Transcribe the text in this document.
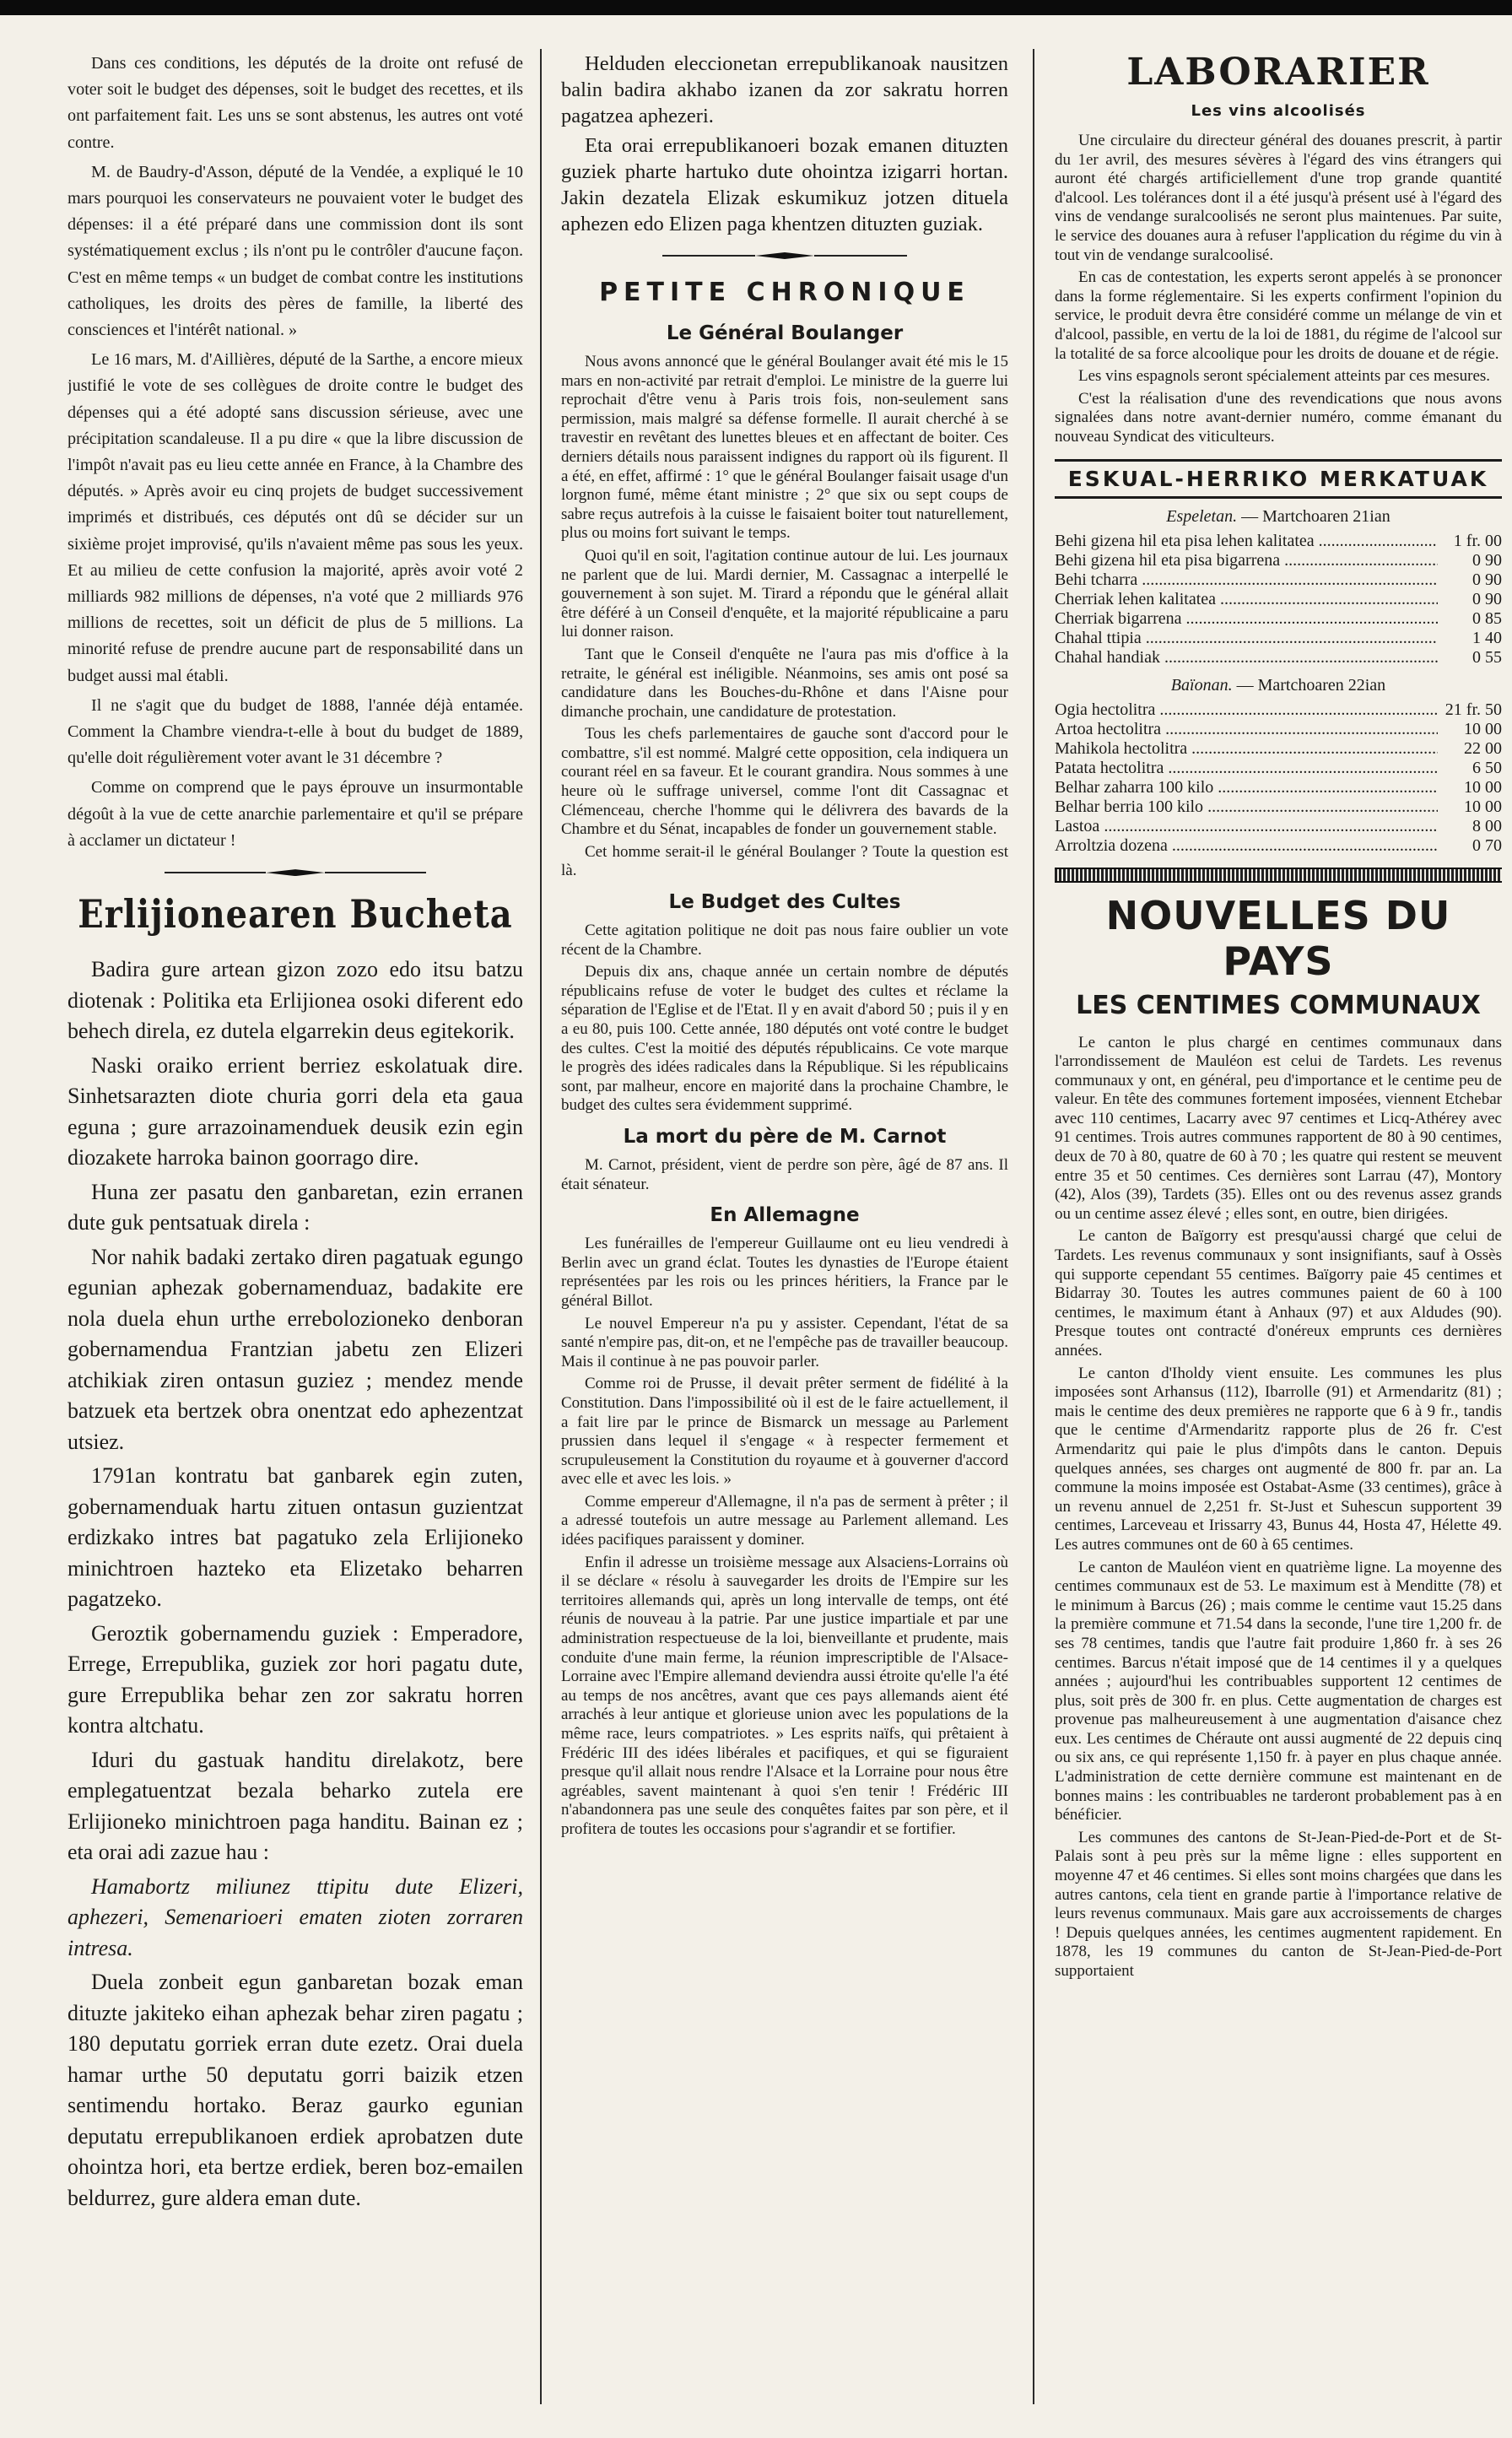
Dans ces conditions, les députés de la droite ont refusé de voter soit le budget des dépenses, soit le budget des recettes, et ils ont parfaitement fait. Les uns se sont abstenus, les autres ont voté contre.

M. de Baudry-d'Asson, député de la Vendée, a expliqué le 10 mars pourquoi les conservateurs ne pouvaient voter le budget des dépenses: il a été préparé dans une commission dont ils sont systématiquement exclus ; ils n'ont pu le contrôler d'aucune façon. C'est en même temps « un budget de combat contre les institutions catholiques, les droits des pères de famille, la liberté des consciences et l'intérêt national. »

Le 16 mars, M. d'Aillières, député de la Sarthe, a encore mieux justifié le vote de ses collègues de droite contre le budget des dépenses qui a été adopté sans discussion sérieuse, avec une précipitation scandaleuse. Il a pu dire « que la libre discussion de l'impôt n'avait pas eu lieu cette année en France, à la Chambre des députés. » Après avoir eu cinq projets de budget successivement imprimés et distribués, ces députés ont dû se décider sur un sixième projet improvisé, qu'ils n'avaient même pas sous les yeux. Et au milieu de cette confusion la majorité, après avoir voté 2 milliards 982 millions de dépenses, n'a voté que 2 milliards 976 millions de recettes, soit un déficit de plus de 5 millions. La minorité refuse de prendre aucune part de responsabilité dans un budget aussi mal établi.

Il ne s'agit que du budget de 1888, l'année déjà entamée. Comment la Chambre viendra-t-elle à bout du budget de 1889, qu'elle doit régulièrement voter avant le 31 décembre ?

Comme on comprend que le pays éprouve un insurmontable dégoût à la vue de cette anarchie parlementaire et qu'il se prépare à acclamer un dictateur !

Erlijionearen Bucheta

Badira gure artean gizon zozo edo itsu batzu diotenak : Politika eta Erlijionea osoki diferent edo behech direla, ez dutela elgarrekin deus egitekorik.

Naski oraiko errient berriez eskolatuak dire. Sinhetsarazten diote churia gorri dela eta gaua eguna ; gure arrazoinamenduek deusik ezin egin diozakete harroka bainon goorrago dire.

Huna zer pasatu den ganbaretan, ezin erranen dute guk pentsatuak direla :

Nor nahik badaki zertako diren pagatuak egungo egunian aphezak gobernamenduaz, badakite ere nola duela ehun urthe errebolozioneko denboran gobernamendua Frantzian jabetu zen Elizeri atchikiak ziren ontasun guziez ; mendez mende batzuek eta bertzek obra onentzat edo aphezentzat utsiez.

1791an kontratu bat ganbarek egin zuten, gobernamenduak hartu zituen ontasun guzientzat erdizkako intres bat pagatuko zela Erlijioneko minichtroen hazteko eta Elizetako beharren pagatzeko.

Geroztik gobernamendu guziek : Emperadore, Errege, Errepublika, guziek zor hori pagatu dute, gure Errepublika behar zen zor sakratu horren kontra altchatu.

Iduri du gastuak handitu direlakotz, bere emplegatuentzat bezala beharko zutela ere Erlijioneko minichtroen paga handitu. Bainan ez ; eta orai adi zazue hau :

Hamabortz miliunez ttipitu dute Elizeri, aphezeri, Semenarioeri ematen zioten zorraren intresa.

Duela zonbeit egun ganbaretan bozak eman dituzte jakiteko eihan aphezak behar ziren pagatu ; 180 deputatu gorriek erran dute ezetz. Orai duela hamar urthe 50 deputatu gorri baizik etzen sentimendu hortako. Beraz gaurko egunian deputatu errepublikanoen erdiek aprobatzen dute ohointza hori, eta bertze erdiek, beren boz-emailen beldurrez, gure aldera eman dute.

Helduden eleccionetan errepublikanoak nausitzen balin badira akhabo izanen da zor sakratu horren pagatzea aphezeri.

Eta orai errepublikanoeri bozak emanen dituzten guziek pharte hartuko dute ohointza izigarri hortan. Jakin dezatela Elizak eskumikuz jotzen dituela aphezen edo Elizen paga khentzen dituzten guziak.

PETITE CHRONIQUE
Le Général Boulanger

Nous avons annoncé que le général Boulanger avait été mis le 15 mars en non-activité par retrait d'emploi. Le ministre de la guerre lui reprochait d'être venu à Paris trois fois, non-seulement sans permission, mais malgré sa défense formelle. Il aurait cherché à se travestir en revêtant des lunettes bleues et en affectant de boiter. Ces derniers détails nous paraissent indignes du rapport où ils figurent. Il a été, en effet, affirmé : 1° que le général Boulanger faisait usage d'un lorgnon fumé, même étant ministre ; 2° que six ou sept coups de sabre reçus autrefois à la cuisse le faisaient boiter tout naturellement, plus ou moins fort suivant le temps.

Quoi qu'il en soit, l'agitation continue autour de lui. Les journaux ne parlent que de lui. Mardi dernier, M. Cassagnac a interpellé le gouvernement à son sujet. M. Tirard a répondu que le général allait être déféré à un Conseil d'enquête, et la majorité républicaine a paru lui donner raison.

Tant que le Conseil d'enquête ne l'aura pas mis d'office à la retraite, le général est inéligible. Néanmoins, ses amis ont posé sa candidature dans les Bouches-du-Rhône et dans l'Aisne pour dimanche prochain, une candidature de protestation.

Tous les chefs parlementaires de gauche sont d'accord pour le combattre, s'il est nommé. Malgré cette opposition, cela indiquera un courant réel en sa faveur. Et le courant grandira. Nous sommes à une heure où le suffrage universel, comme l'ont dit Cassagnac et Clémenceau, cherche l'homme qui le délivrera des bavards de la Chambre et du Sénat, incapables de fonder un gouvernement stable.

Cet homme serait-il le général Boulanger ? Toute la question est là.

Le Budget des Cultes

Cette agitation politique ne doit pas nous faire oublier un vote récent de la Chambre.

Depuis dix ans, chaque année un certain nombre de députés républicains refuse de voter le budget des cultes et réclame la séparation de l'Eglise et de l'Etat. Il y en avait d'abord 50 ; puis il y en a eu 80, puis 100. Cette année, 180 députés ont voté contre le budget des cultes. C'est la moitié des députés républicains. Ce vote marque le progrès des idées radicales dans la République. Si les républicains sont, par malheur, encore en majorité dans la prochaine Chambre, le budget des cultes sera évidemment supprimé.

La mort du père de M. Carnot

M. Carnot, président, vient de perdre son père, âgé de 87 ans. Il était sénateur.

En Allemagne

Les funérailles de l'empereur Guillaume ont eu lieu vendredi à Berlin avec un grand éclat. Toutes les dynasties de l'Europe étaient représentées par les rois ou les princes héritiers, la France par le général Billot.

Le nouvel Empereur n'a pu y assister. Cependant, l'état de sa santé n'empire pas, dit-on, et ne l'empêche pas de travailler beaucoup. Mais il continue à ne pas pouvoir parler.

Comme roi de Prusse, il devait prêter serment de fidélité à la Constitution. Dans l'impossibilité où il est de le faire actuellement, il a fait lire par le prince de Bismarck un message au Parlement prussien dans lequel il s'engage « à respecter fermement et scrupuleusement la Constitution du royaume et à gouverner d'accord avec elle et avec les lois. »

Comme empereur d'Allemagne, il n'a pas de serment à prêter ; il a adressé toutefois un autre message au Parlement allemand. Les idées pacifiques paraissent y dominer.

Enfin il adresse un troisième message aux Alsaciens-Lorrains où il se déclare « résolu à sauvegarder les droits de l'Empire sur les territoires allemands qui, après un long intervalle de temps, ont été réunis de nouveau à la patrie. Par une justice impartiale et par une administration respectueuse de la loi, bienveillante et prudente, mais conduite d'une main ferme, la réunion imprescriptible de l'Alsace-Lorraine avec l'Empire allemand deviendra aussi étroite qu'elle l'a été au temps de nos ancêtres, avant que ces pays allemands aient été arrachés à leur antique et glorieuse union avec les populations de la même race, leurs compatriotes. » Les esprits naïfs, qui prêtaient à Frédéric III des idées libérales et pacifiques, et qui se figuraient presque qu'il allait nous rendre l'Alsace et la Lorraine pour nous être agréables, savent maintenant à quoi s'en tenir ! Frédéric III n'abandonnera pas une seule des conquêtes faites par son père, et il profitera de toutes les occasions pour s'agrandir et se fortifier.

LABORARIER
Les vins alcoolisés

Une circulaire du directeur général des douanes prescrit, à partir du 1er avril, des mesures sévères à l'égard des vins étrangers qui auront été chargés artificiellement d'une trop grande quantité d'alcool. Les tolérances dont il a été jusqu'à présent usé à l'égard des vins de vendange suralcoolisés ne seront plus maintenues. Par suite, le service des douanes aura à refuser l'application du régime du vin à tout vin de vendange suralcoolisé.

En cas de contestation, les experts seront appelés à se prononcer dans la forme réglementaire. Si les experts confirment l'opinion du service, le produit devra être considéré comme un mélange de vin et d'alcool, passible, en vertu de la loi de 1881, du régime de l'alcool sur la totalité de sa force alcoolique pour les droits de douane et de régie.

Les vins espagnols seront spécialement atteints par ces mesures.

C'est la réalisation d'une des revendications que nous avons signalées dans notre avant-dernier numéro, comme émanant du nouveau Syndicat des viticulteurs.

ESKUAL-HERRIKO MERKATUAK
Espeletan. — Martchoaren 21ian
Behi gizena hil eta pisa lehen kalitatea .....	1 fr. 00
Behi gizena hil eta pisa bigarrena .....	0 90
Behi tcharra .....	0 90
Cherriak lehen kalitatea .....	0 90
Cherriak bigarrena .....	0 85
Chahal ttipia .....	1 40
Chahal handiak .....	0 55
Baïonan. — Martchoaren 22ian
Ogia hectolitra .....	21 fr. 50
Artoa hectolitra .....	10 00
Mahikola hectolitra .....	22 00
Patata hectolitra .....	6 50
Belhar zaharra 100 kilo .....	10 00
Belhar berria 100 kilo .....	10 00
Lastoa .....	8 00
Arroltzia dozena .....	0 70
NOUVELLES DU PAYS
LES CENTIMES COMMUNAUX

Le canton le plus chargé en centimes communaux dans l'arrondissement de Mauléon est celui de Tardets. Les revenus communaux y ont, en général, peu d'importance et le centime peu de valeur. En tête des communes fortement imposées, viennent Etchebar avec 110 centimes, Lacarry avec 97 centimes et Licq-Athérey avec 91 centimes. Trois autres communes rapportent de 80 à 90 centimes, deux de 70 à 80, quatre de 60 à 70 ; les quatre qui restent se meuvent entre 35 et 50 centimes. Ces dernières sont Larrau (47), Montory (42), Alos (39), Tardets (35). Elles ont ou des revenus assez grands ou un centime assez élevé ; elles sont, en outre, bien dirigées.

Le canton de Baïgorry est presqu'aussi chargé que celui de Tardets. Les revenus communaux y sont insignifiants, sauf à Ossès qui supporte cependant 55 centimes. Baïgorry paie 45 centimes et Bidarray 30. Toutes les autres communes paient de 60 à 100 centimes, le maximum étant à Anhaux (97) et aux Aldudes (90). Presque toutes ont contracté d'onéreux emprunts ces dernières années.

Le canton d'Iholdy vient ensuite. Les communes les plus imposées sont Arhansus (112), Ibarrolle (91) et Armendaritz (81) ; mais le centime des deux premières ne rapporte que 6 à 9 fr., tandis que le centime d'Armendaritz rapporte plus de 26 fr. C'est Armendaritz qui paie le plus d'impôts dans le canton. Depuis quelques années, ses charges ont augmenté de 800 fr. par an. La commune la moins imposée est Ostabat-Asme (33 centimes), grâce à un revenu annuel de 2,251 fr. St-Just et Suhescun supportent 39 centimes, Larceveau et Irissarry 43, Bunus 44, Hosta 47, Hélette 49. Les autres communes ont de 60 à 65 centimes.

Le canton de Mauléon vient en quatrième ligne. La moyenne des centimes communaux est de 53. Le maximum est à Menditte (78) et le minimum à Barcus (26) ; mais comme le centime vaut 15.25 dans la première commune et 71.54 dans la seconde, l'une tire 1,200 fr. de ses 78 centimes, tandis que l'autre fait produire 1,860 fr. à ses 26 centimes. Barcus n'était imposé que de 14 centimes il y a quelques années ; aujourd'hui les contribuables supportent 12 centimes de plus, soit près de 300 fr. en plus. Cette augmentation de charges est provenue pas malheureusement à une augmentation d'aisance chez eux. Les centimes de Chéraute ont aussi augmenté de 22 depuis cinq ou six ans, ce qui représente 1,150 fr. à payer en plus chaque année. L'administration de cette dernière commune est maintenant en de bonnes mains : les contribuables ne tarderont probablement pas à en bénéficier.

Les communes des cantons de St-Jean-Pied-de-Port et de St-Palais sont à peu près sur la même ligne : elles supportent en moyenne 47 et 46 centimes. Si elles sont moins chargées que dans les autres cantons, cela tient en grande partie à l'importance relative de leurs revenus communaux. Mais gare aux accroissements de charges ! Depuis quelques années, les centimes augmentent rapidement. En 1878, les 19 communes du canton de St-Jean-Pied-de-Port supportaient
